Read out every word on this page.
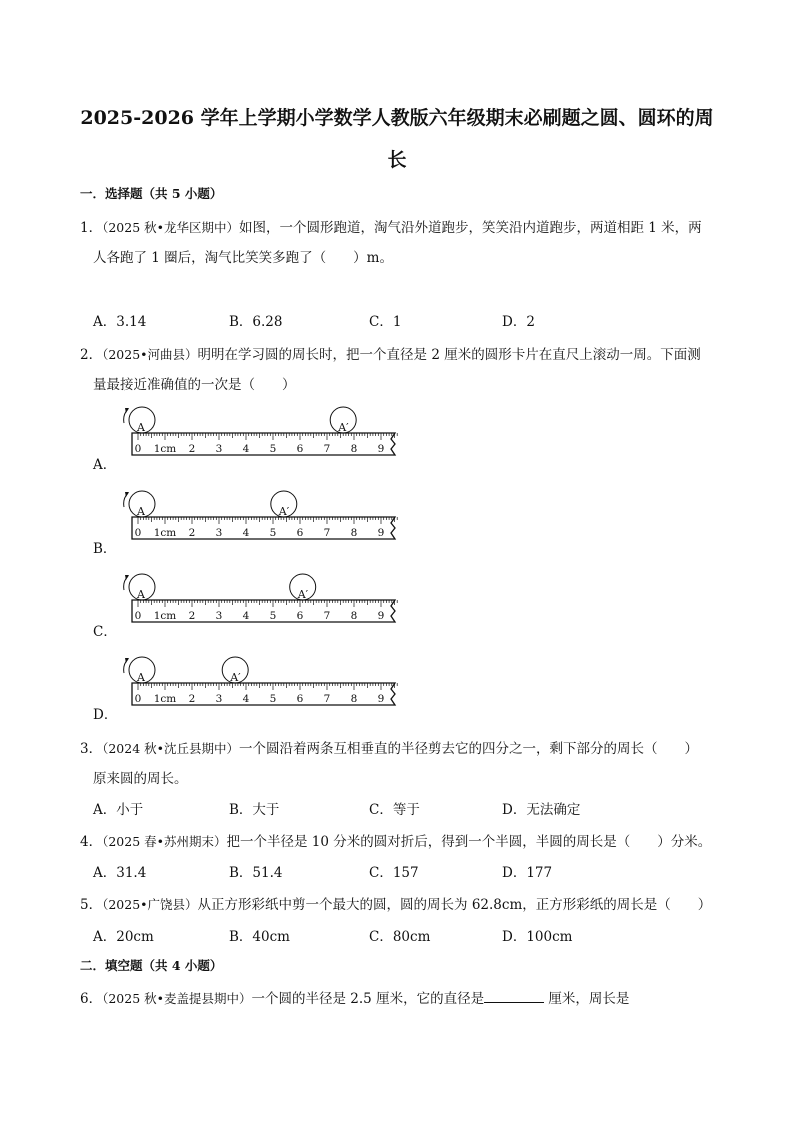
2025-2026 学年上学期小学数学人教版六年级期末必刷题之圆、圆环的周
长
一．选择题（共 5 小题）
1．（2025 秋•龙华区期中）如图，一个圆形跑道，淘气沿外道跑步，笑笑沿内道跑步，两道相距 1 米，两
人各跑了 1 圈后，淘气比笑笑多跑了（　　）m。
A．3.14	B．6.28	C．1	D．2
2．（2025•河曲县）明明在学习圆的周长时，把一个直径是 2 厘米的圆形卡片在直尺上滚动一周。下面测
量最接近准确值的一次是（　　）
A．
0 1cm 2 3 4 5 6 7 8 9
A	A′
B．
0 1cm 2 3 4 5 6 7 8 9
A	A′
C．
0 1cm 2 3 4 5 6 7 8 9
A	A′
D．
0 1cm 2 3 4 5 6 7 8 9
A	A′
3．（2024 秋•沈丘县期中）一个圆沿着两条互相垂直的半径剪去它的四分之一，剩下部分的周长（　　）
原来圆的周长。
A．小于	B．大于	C．等于	D．无法确定
4．（2025 春•苏州期末）把一个半径是 10 分米的圆对折后，得到一个半圆，半圆的周长是（　　）分米。
A．31.4	B．51.4	C．157	D．177
5．（2025•广饶县）从正方形彩纸中剪一个最大的圆，圆的周长为 62.8cm，正方形彩纸的周长是（　　）
A．20cm	B．40cm	C．80cm	D．100cm
二．填空题（共 4 小题）
6．（2025 秋•麦盖提县期中）一个圆的半径是 2.5 厘米，它的直径是	厘米，周长是
